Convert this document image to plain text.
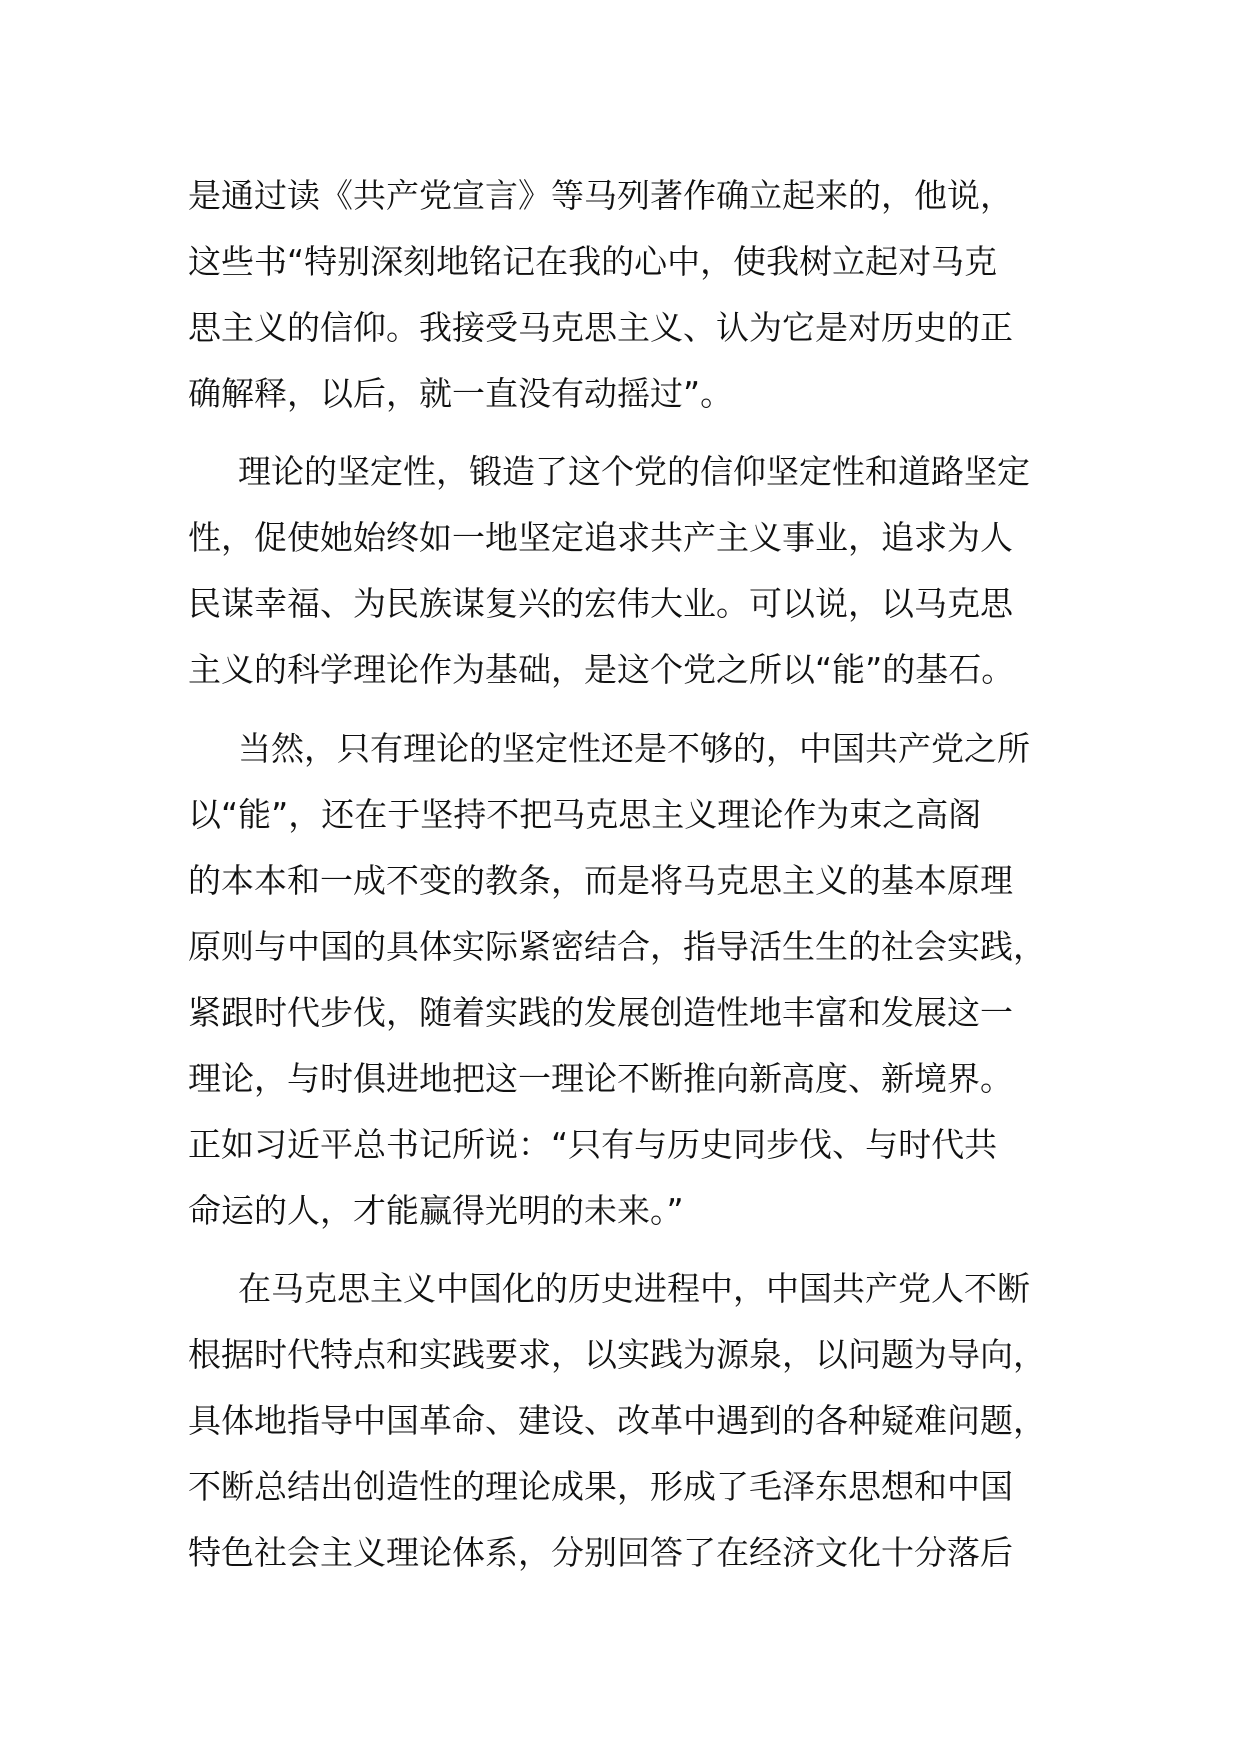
是通过读《共产党宣言》等马列著作确立起来的，他说，
这些书“特别深刻地铭记在我的心中，使我树立起对马克
思主义的信仰。我接受马克思主义、认为它是对历史的正
确解释，以后，就一直没有动摇过”。
理论的坚定性，锻造了这个党的信仰坚定性和道路坚定
性，促使她始终如一地坚定追求共产主义事业，追求为人
民谋幸福、为民族谋复兴的宏伟大业。可以说，以马克思
主义的科学理论作为基础，是这个党之所以“能”的基石。
当然，只有理论的坚定性还是不够的，中国共产党之所
以“能”，还在于坚持不把马克思主义理论作为束之高阁
的本本和一成不变的教条，而是将马克思主义的基本原理
原则与中国的具体实际紧密结合，指导活生生的社会实践，
紧跟时代步伐，随着实践的发展创造性地丰富和发展这一
理论，与时俱进地把这一理论不断推向新高度、新境界。
正如习近平总书记所说：“只有与历史同步伐、与时代共
命运的人，才能赢得光明的未来。”
在马克思主义中国化的历史进程中，中国共产党人不断
根据时代特点和实践要求，以实践为源泉，以问题为导向，
具体地指导中国革命、建设、改革中遇到的各种疑难问题，
不断总结出创造性的理论成果，形成了毛泽东思想和中国
特色社会主义理论体系，分别回答了在经济文化十分落后
